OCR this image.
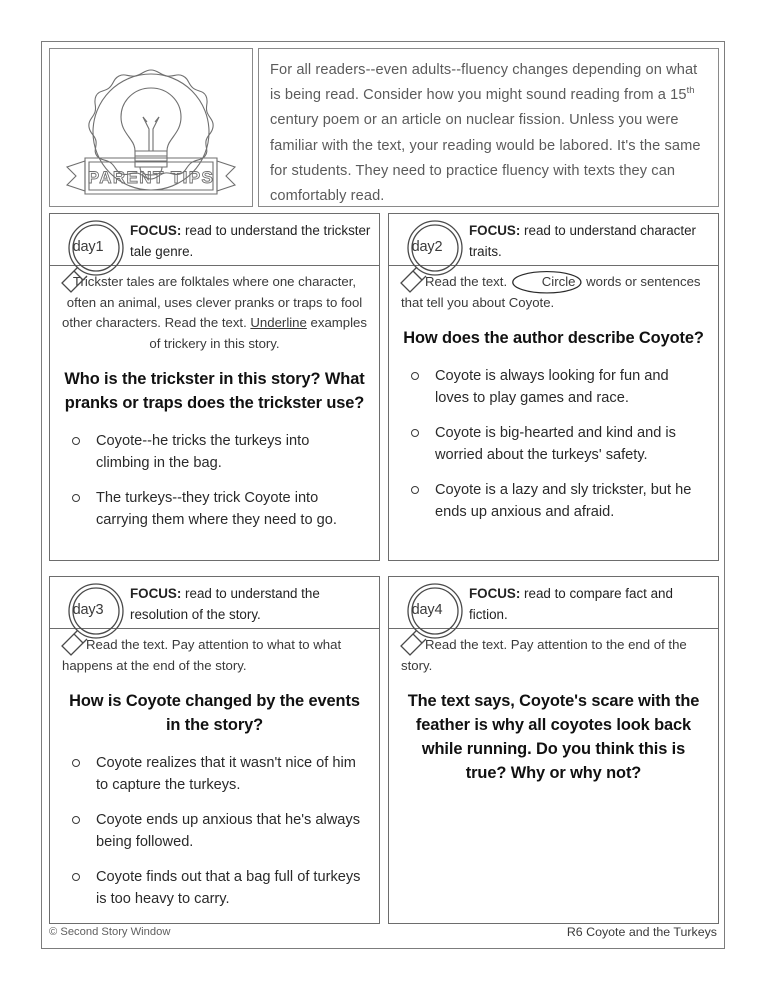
PARENT TIPS
For all readers--even adults--fluency changes depending on what is being read. Consider how you might sound reading from a 15th century poem or an article on nuclear fission. Unless you were familiar with the text, your reading would be labored. It's the same for students. They need to practice fluency with texts they can comfortably read.
day1
FOCUS: read to understand the trickster tale genre.
Trickster tales are folktales where one character, often an animal, uses clever pranks or traps to fool other characters. Read the text. Underline examples of trickery in this story.
Who is the trickster in this story? What pranks or traps does the trickster use?
Coyote--he tricks the turkeys into climbing in the bag.
The turkeys--they trick Coyote into carrying them where they need to go.
day2
FOCUS: read to understand character traits.
Read the text.
Circle words or sentences that tell you about Coyote.
How does the author describe Coyote?
Coyote is always looking for fun and loves to play games and race.
Coyote is big-hearted and kind and is worried about the turkeys' safety.
Coyote is a lazy and sly trickster, but he ends up anxious and afraid.
day3
FOCUS: read to understand the resolution of the story.
Read the text. Pay attention to what to what happens at the end of the story.
How is Coyote changed by the events in the story?
Coyote realizes that it wasn't nice of him to capture the turkeys.
Coyote ends up anxious that he's always being followed.
Coyote finds out that a bag full of turkeys is too heavy to carry.
day4
FOCUS: read to compare fact and fiction.
Read the text. Pay attention to the end of the story.
The text says, Coyote's scare with the feather is why all coyotes look back while running. Do you think this is true? Why or why not?
© Second Story Window	R6 Coyote and the Turkeys
